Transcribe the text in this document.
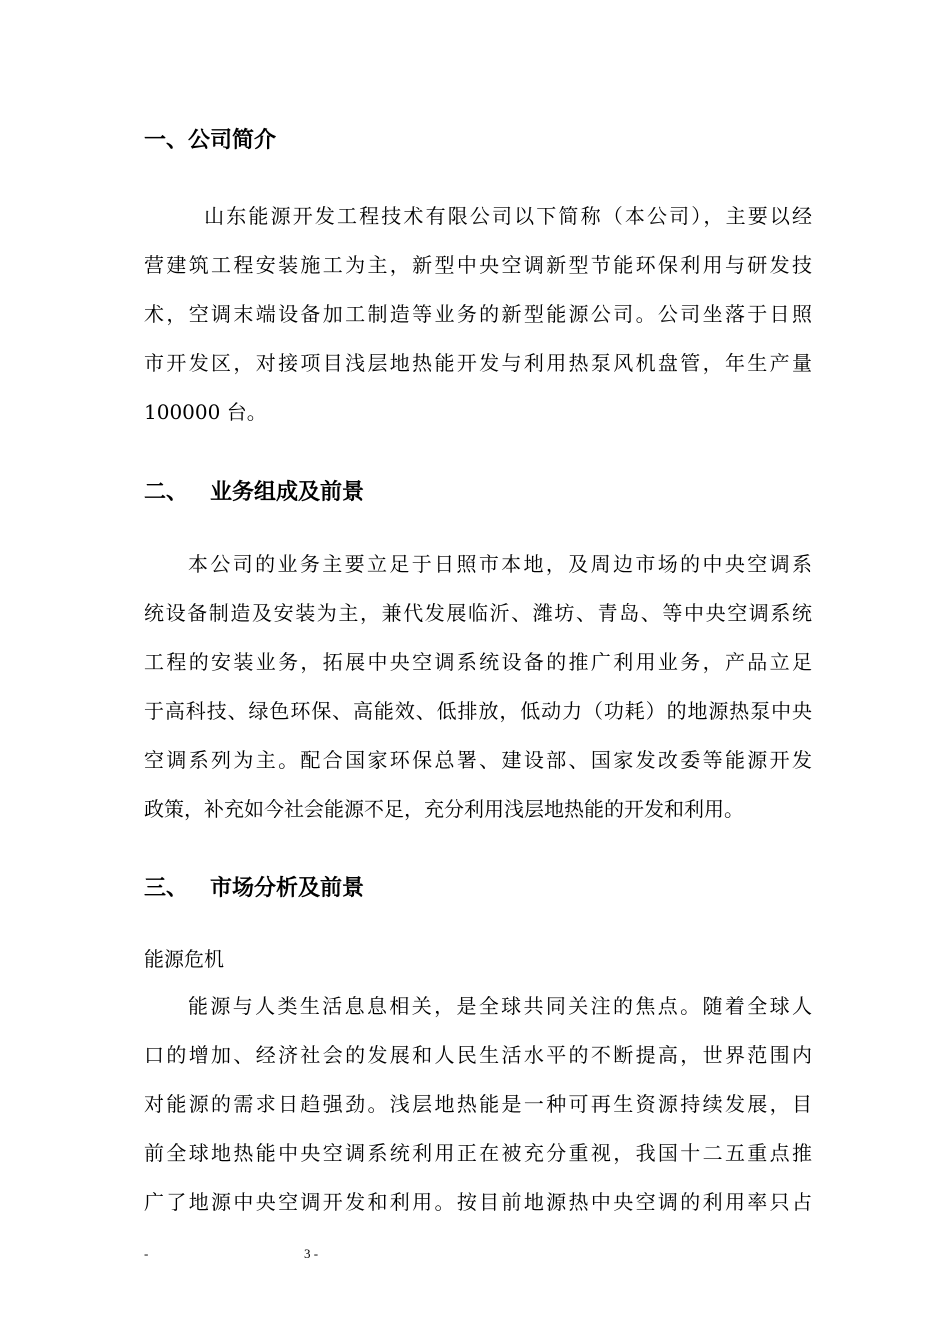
一、公司简介
　山东能源开发工程技术有限公司以下简称（本公司），主要以经
营建筑工程安装施工为主，新型中央空调新型节能环保利用与研发技
术，空调末端设备加工制造等业务的新型能源公司。公司坐落于日照
市开发区，对接项目浅层地热能开发与利用热泵风机盘管，年生产量
100000 台。
二、 业务组成及前景
本公司的业务主要立足于日照市本地，及周边市场的中央空调系
统设备制造及安装为主，兼代发展临沂、潍坊、青岛、等中央空调系统
工程的安装业务，拓展中央空调系统设备的推广利用业务，产品立足
于高科技、绿色环保、高能效、低排放，低动力（功耗）的地源热泵中央
空调系列为主。配合国家环保总署、建设部、国家发改委等能源开发
政策，补充如今社会能源不足，充分利用浅层地热能的开发和利用。
三、 市场分析及前景
能源危机
能源与人类生活息息相关，是全球共同关注的焦点。随着全球人
口的增加、经济社会的发展和人民生活水平的不断提高，世界范围内
对能源的需求日趋强劲。浅层地热能是一种可再生资源持续发展，目
前全球地热能中央空调系统利用正在被充分重视，我国十二五重点推
广了地源中央空调开发和利用。按目前地源热中央空调的利用率只占
-	3 -
